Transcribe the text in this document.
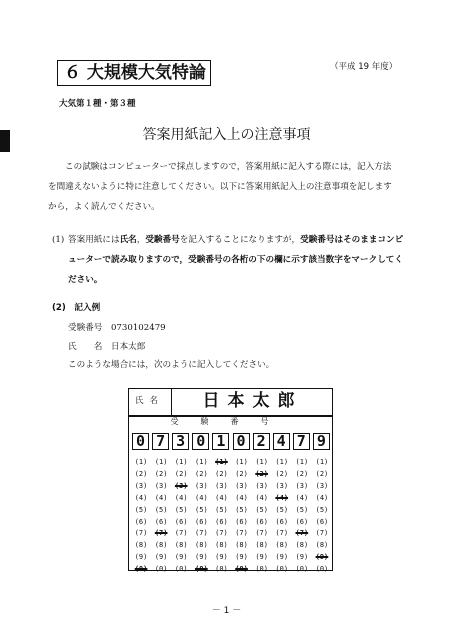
６ 大規模大気特論	（平成 19 年度）
大気第１種・第３種
答案用紙記入上の注意事項
この試験はコンピューターで採点しますので，答案用紙に記入する際には，記入方法を間違えないように特に注意してください。以下に答案用紙記入上の注意事項を記しますから，よく読んでください。
(1) 答案用紙には氏名，受験番号を記入することになりますが，受験番号はそのままコンピューターで読み取りますので，受験番号の各桁の下の欄に示す該当数字をマークしてください。
(2)　記入例
受験番号　0730102479
氏　　名　日本太郎
このような場合には，次のように記入してください。
氏名	日本太郎
受験番号
0 7 3 0 1 0 2 4 7 9
(1)
(2)
(3)
(4)
(5)
(6)
(7)
(8)
(9)
(0)
(1)
(2)
(3)
(4)
(5)
(6)
(7)
(8)
(9)
(0)
(1)
(2)
(3)
(4)
(5)
(6)
(7)
(8)
(9)
(0)
(1)
(2)
(3)
(4)
(5)
(6)
(7)
(8)
(9)
(0)
(1)
(2)
(3)
(4)
(5)
(6)
(7)
(8)
(9)
(0)
(1)
(2)
(3)
(4)
(5)
(6)
(7)
(8)
(9)
(0)
(1)
(2)
(3)
(4)
(5)
(6)
(7)
(8)
(9)
(0)
(1)
(2)
(3)
(4)
(5)
(6)
(7)
(8)
(9)
(0)
(1)
(2)
(3)
(4)
(5)
(6)
(7)
(8)
(9)
(0)
(1)
(2)
(3)
(4)
(5)
(6)
(7)
(8)
(9)
(0)
－ 1 －
